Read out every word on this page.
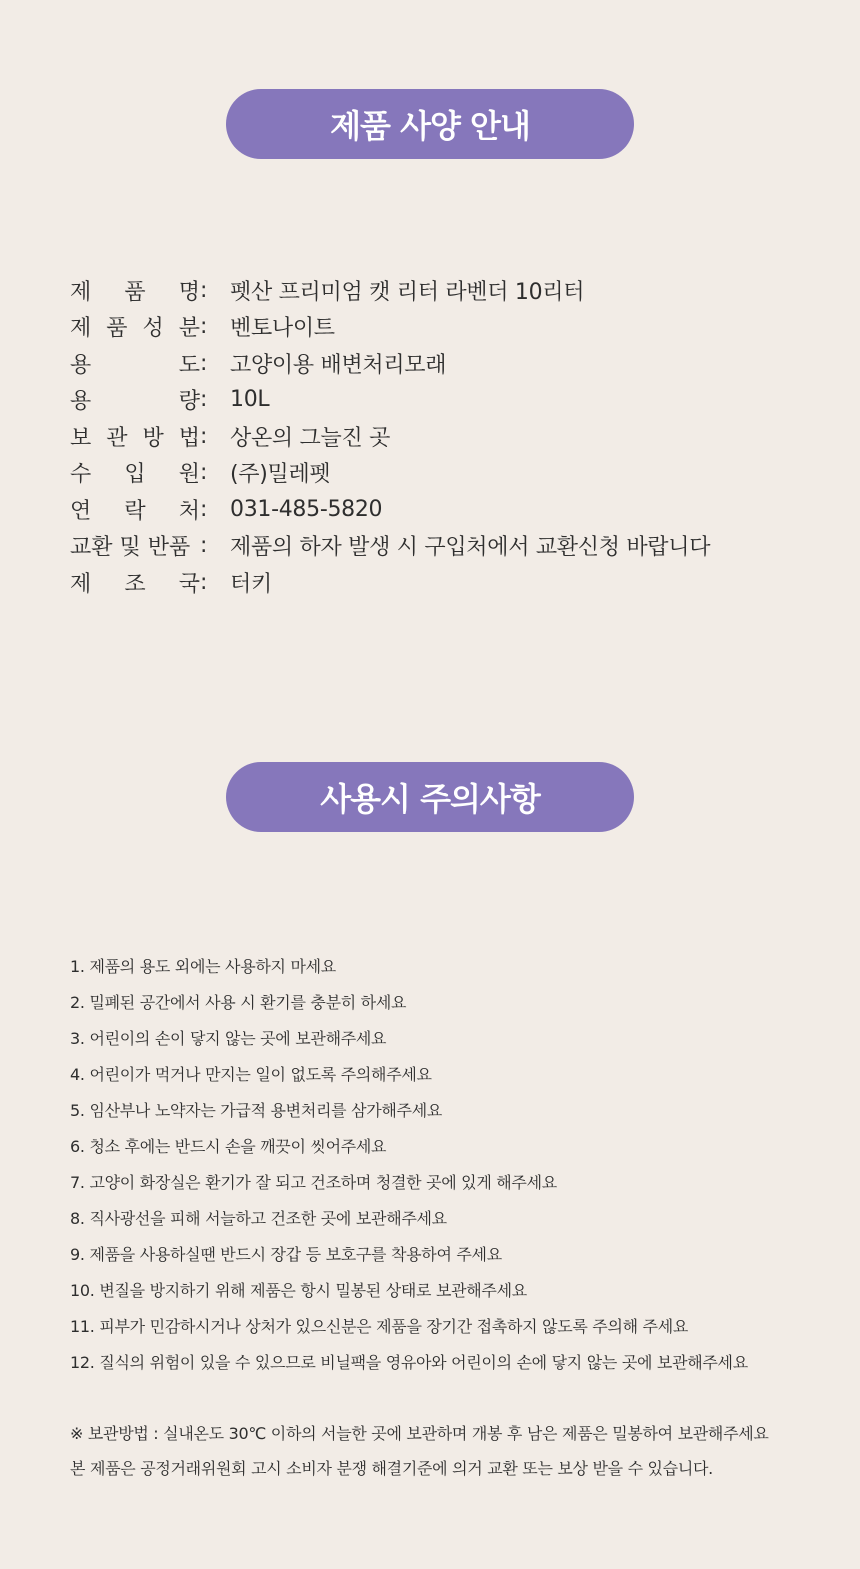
제품 사양 안내
제 품 명 :	펫산 프리미엄 캣 리터 라벤더 10리터
제 품 성 분 :	벤토나이트
용	도 :	고양이용 배변처리모래
용	량 :	10L
보 관 방 법 :	상온의 그늘진 곳
수 입 원 :	(주)밀레펫
연 락 처 :	031-485-5820
교환 및 반품 :	제품의 하자 발생 시 구입처에서 교환신청 바랍니다
제 조 국 :	터키
사용시 주의사항
1. 제품의 용도 외에는 사용하지 마세요
2. 밀폐된 공간에서 사용 시 환기를 충분히 하세요
3. 어린이의 손이 닿지 않는 곳에 보관해주세요
4. 어린이가 먹거나 만지는 일이 없도록 주의해주세요
5. 임산부나 노약자는 가급적 용변처리를 삼가해주세요
6. 청소 후에는 반드시 손을 깨끗이 씻어주세요
7. 고양이 화장실은 환기가 잘 되고 건조하며 청결한 곳에 있게 해주세요
8. 직사광선을 피해 서늘하고 건조한 곳에 보관해주세요
9. 제품을 사용하실땐 반드시 장갑 등 보호구를 착용하여 주세요
10. 변질을 방지하기 위해 제품은 항시 밀봉된 상태로 보관해주세요
11. 피부가 민감하시거나 상처가 있으신분은 제품을 장기간 접촉하지 않도록 주의해 주세요
12. 질식의 위험이 있을 수 있으므로 비닐팩을 영유아와 어린이의 손에 닿지 않는 곳에 보관해주세요
※ 보관방법 : 실내온도 30℃ 이하의 서늘한 곳에 보관하며 개봉 후 남은 제품은 밀봉하여 보관해주세요
본 제품은 공정거래위원회 고시 소비자 분쟁 해결기준에 의거 교환 또는 보상 받을 수 있습니다.
